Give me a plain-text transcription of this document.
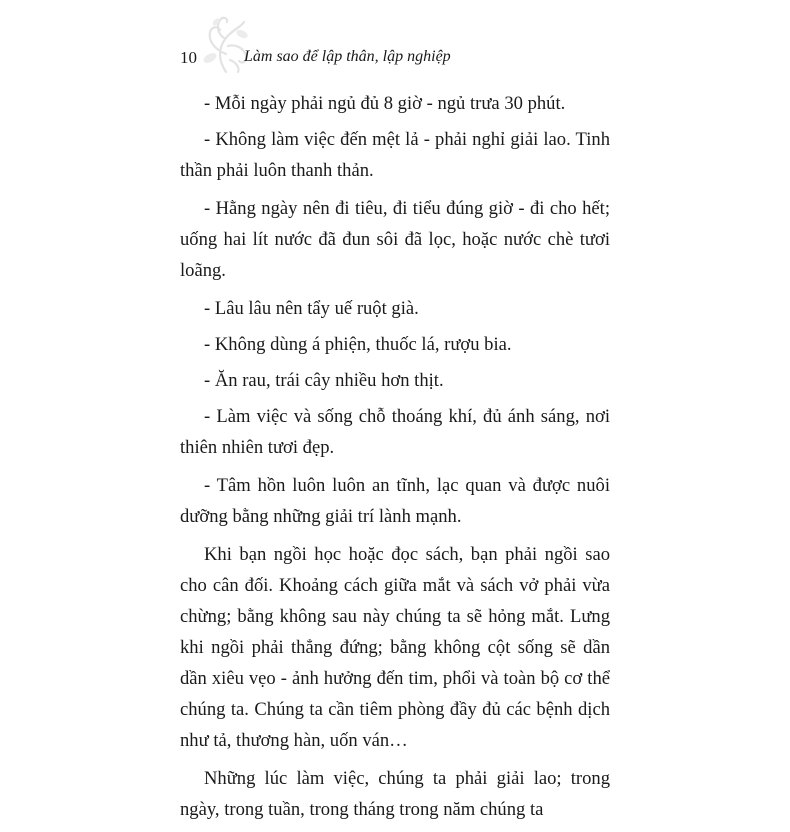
10	Làm sao để lập thân, lập nghiệp

- Mỗi ngày phải ngủ đủ 8 giờ - ngủ trưa 30 phút.

- Không làm việc đến mệt lả - phải nghỉ giải lao. Tinh thần phải luôn thanh thản.

- Hằng ngày nên đi tiêu, đi tiểu đúng giờ - đi cho hết; uống hai lít nước đã đun sôi đã lọc, hoặc nước chè tươi loãng.

- Lâu lâu nên tẩy uế ruột già.

- Không dùng á phiện, thuốc lá, rượu bia.

- Ăn rau, trái cây nhiều hơn thịt.

- Làm việc và sống chỗ thoáng khí, đủ ánh sáng, nơi thiên nhiên tươi đẹp.

- Tâm hồn luôn luôn an tĩnh, lạc quan và được nuôi dưỡng bằng những giải trí lành mạnh.

Khi bạn ngồi học hoặc đọc sách, bạn phải ngồi sao cho cân đối. Khoảng cách giữa mắt và sách vở phải vừa chừng; bằng không sau này chúng ta sẽ hỏng mắt. Lưng khi ngồi phải thẳng đứng; bằng không cột sống sẽ dần dần xiêu vẹo - ảnh hưởng đến tim, phổi và toàn bộ cơ thể chúng ta. Chúng ta cần tiêm phòng đầy đủ các bệnh dịch như tả, thương hàn, uốn ván…

Những lúc làm việc, chúng ta phải giải lao; trong ngày, trong tuần, trong tháng trong năm chúng ta
